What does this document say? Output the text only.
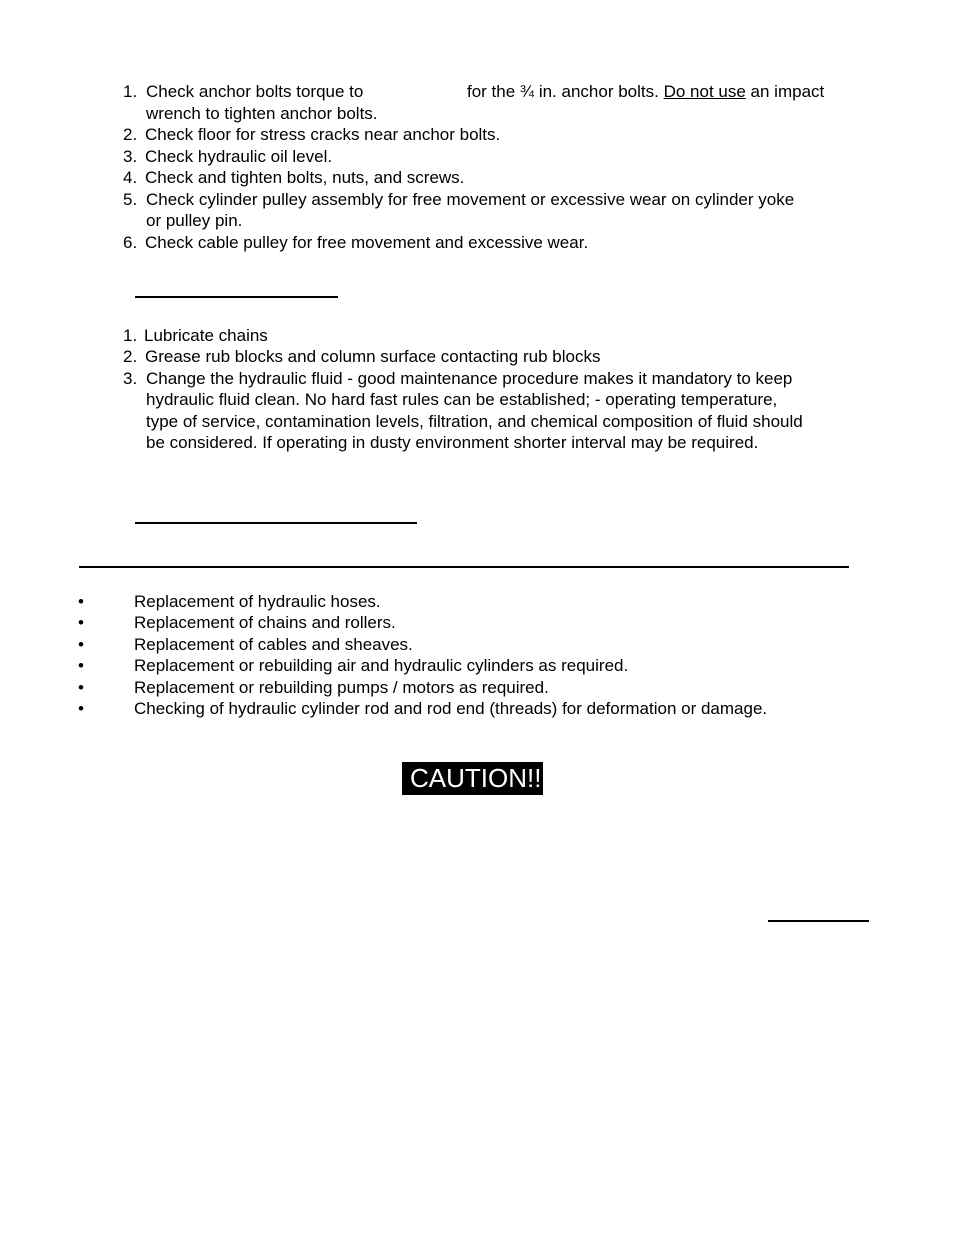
1. Check anchor bolts torque to	for the ¾ in. anchor bolts. Do not use an impact
wrench to tighten anchor bolts.
2. Check floor for stress cracks near anchor bolts.
3. Check hydraulic oil level.
4. Check and tighten bolts, nuts, and screws.
5. Check cylinder pulley assembly for free movement or excessive wear on cylinder yoke
or pulley pin.
6. Check cable pulley for free movement and excessive wear.
1. Lubricate chains
2. Grease rub blocks and column surface contacting rub blocks
3. Change the hydraulic fluid - good maintenance procedure makes it mandatory to keep
hydraulic fluid clean. No hard fast rules can be established; - operating temperature,
type of service, contamination levels, filtration, and chemical composition of fluid should
be considered. If operating in dusty environment shorter interval may be required.
•	Replacement of hydraulic hoses.
•	Replacement of chains and rollers.
•	Replacement of cables and sheaves.
•	Replacement or rebuilding air and hydraulic cylinders as required.
•	Replacement or rebuilding pumps / motors as required.
•	Checking of hydraulic cylinder rod and rod end (threads) for deformation or damage.
CAUTION!!
